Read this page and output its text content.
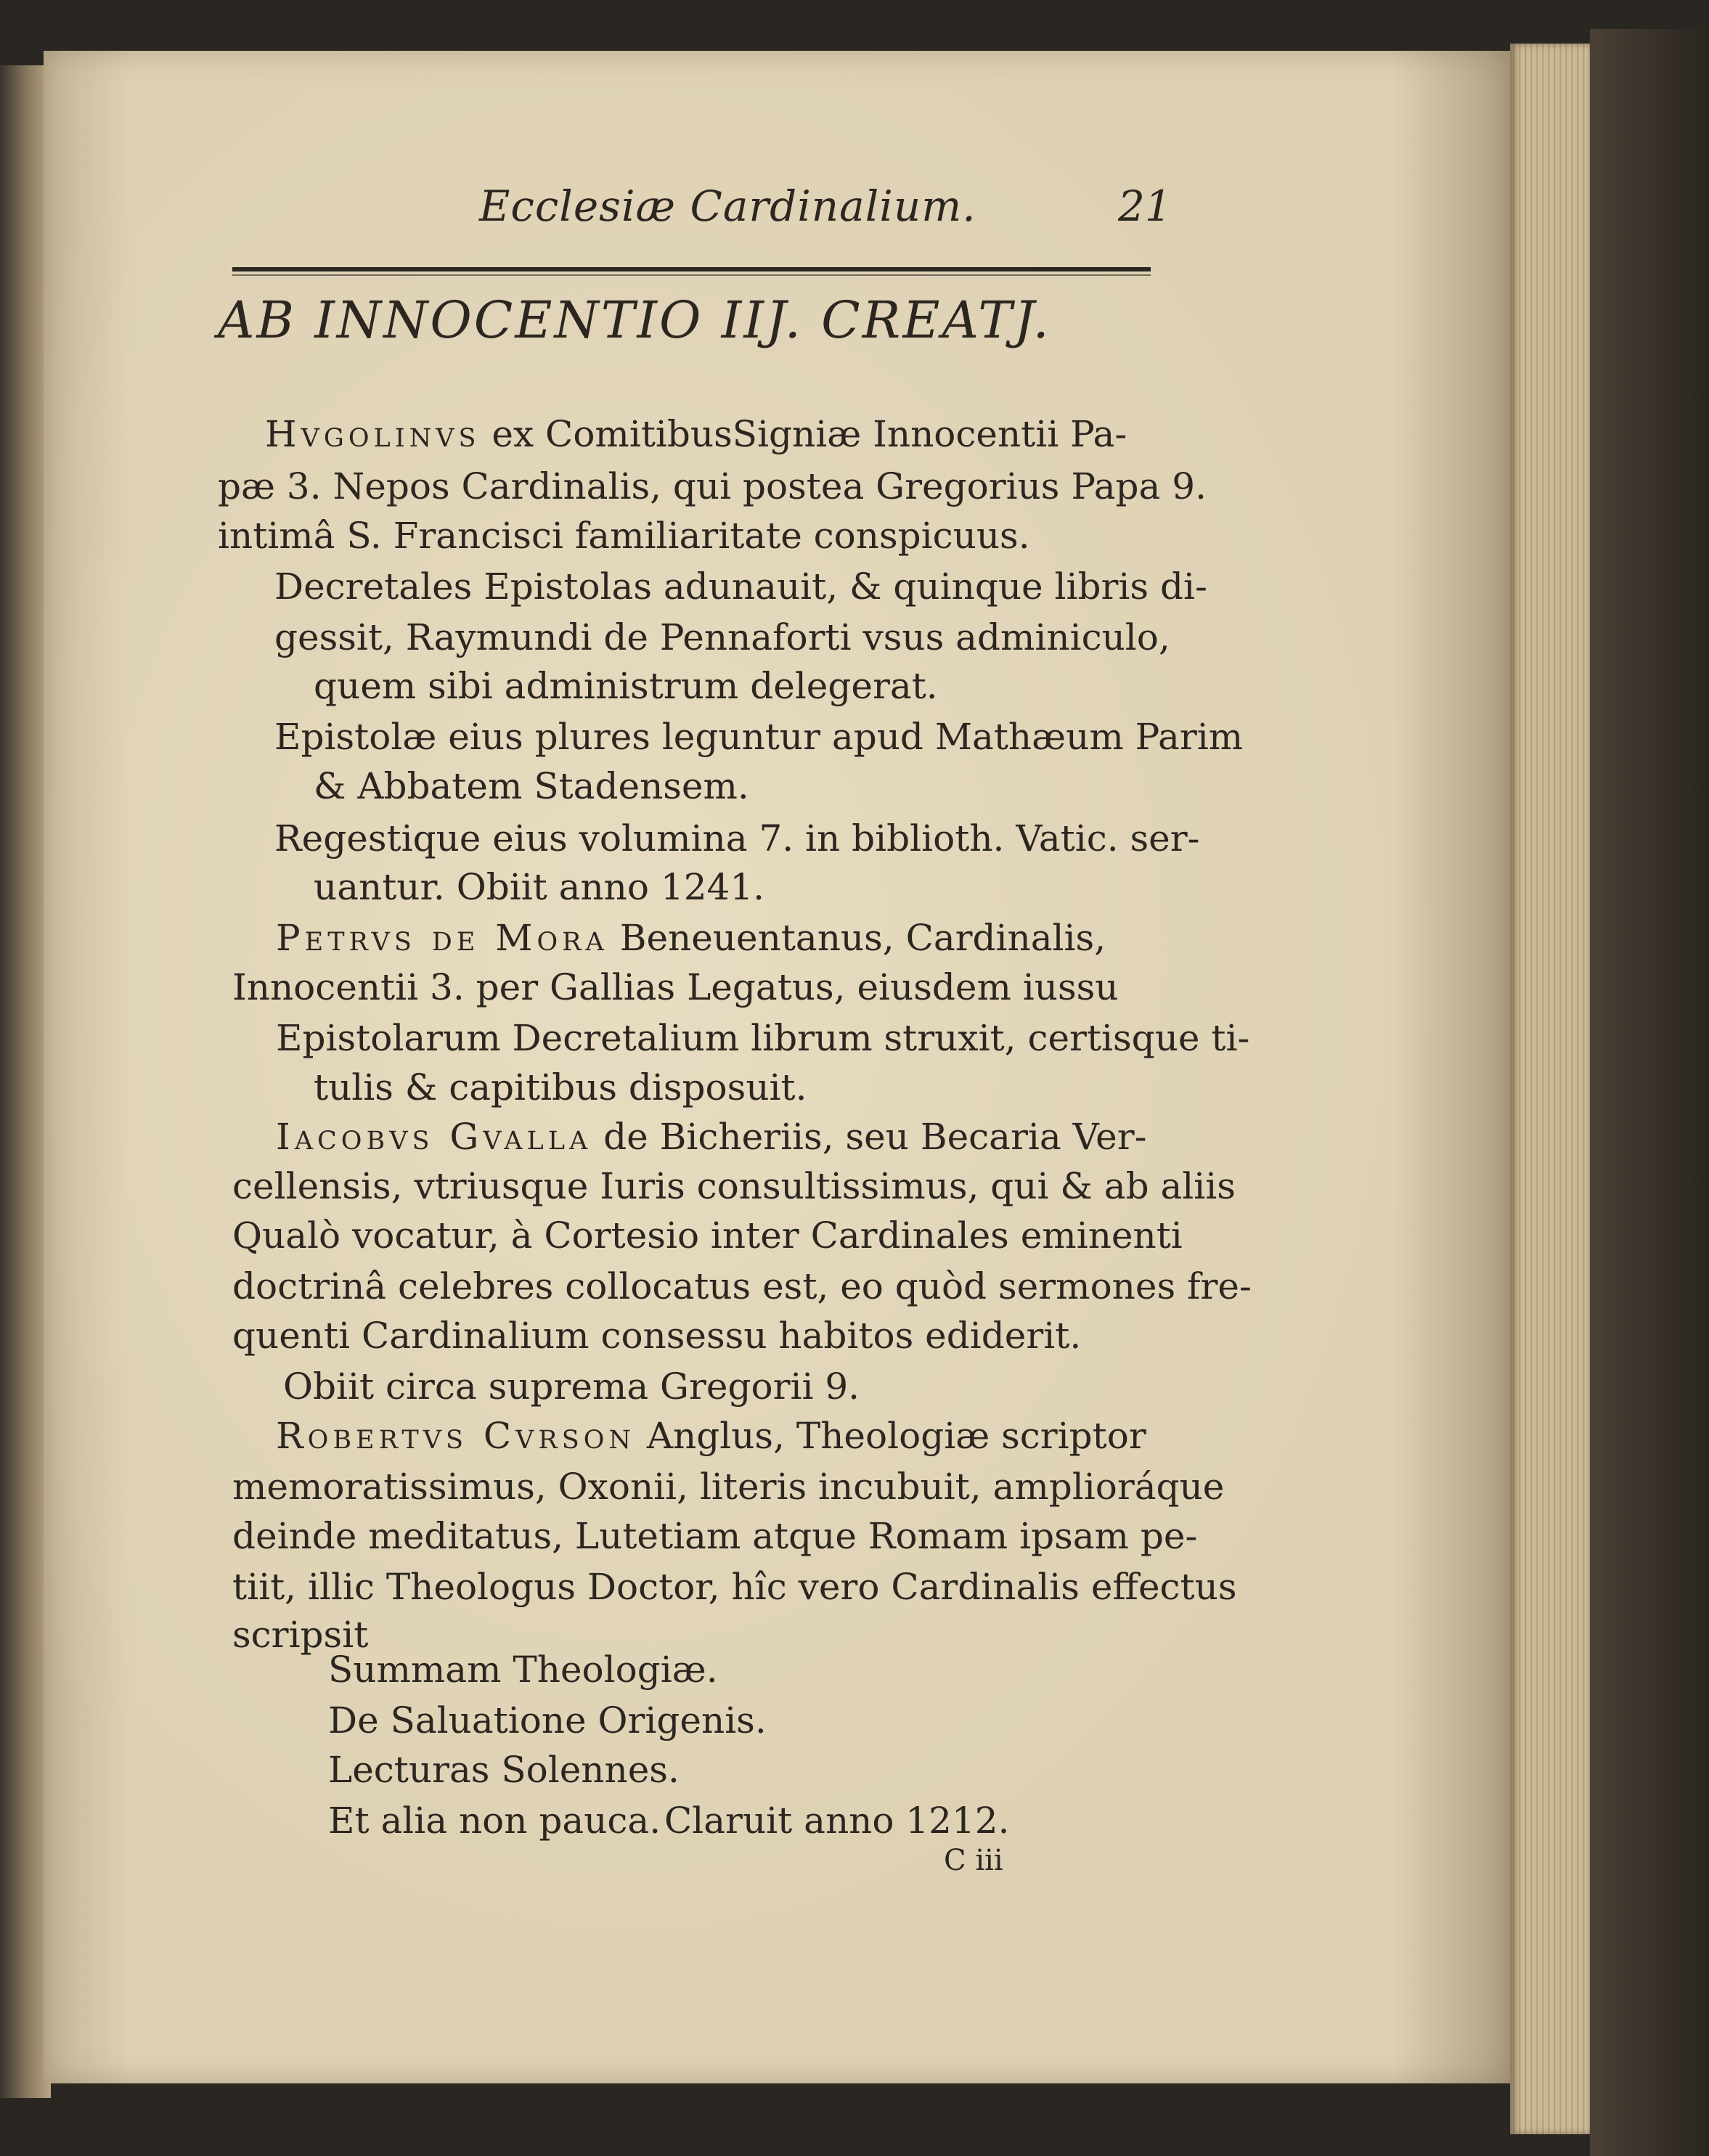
Ecclesiæ Cardinalium.	21
AB INNOCENTIO IIJ. CREATJ.
Hvgolinvs ex ComitibusSigniæ Innocentii Pa-
pæ 3. Nepos Cardinalis, qui postea Gregorius Papa 9.
intimâ S. Francisci familiaritate conspicuus.
Decretales Epistolas adunauit, & quinque libris di-
gessit, Raymundi de Pennaforti vsus adminiculo,
quem sibi administrum delegerat.
Epistolæ eius plures leguntur apud Mathæum Parim
& Abbatem Stadensem.
Regestique eius volumina 7. in biblioth. Vatic. ser-
uantur. Obiit anno 1241.
Petrvs de Mora Beneuentanus, Cardinalis,
Innocentii 3. per Gallias Legatus, eiusdem iussu
Epistolarum Decretalium librum struxit, certisque ti-
tulis & capitibus disposuit.
Iacobvs Gvalla de Bicheriis, seu Becaria Ver-
cellensis, vtriusque Iuris consultissimus, qui & ab aliis
Qualò vocatur, à Cortesio inter Cardinales eminenti
doctrinâ celebres collocatus est, eo quòd sermones fre-
quenti Cardinalium consessu habitos ediderit.
Obiit circa suprema Gregorii 9.
Robertvs Cvrson Anglus, Theologiæ scriptor
memoratissimus, Oxonii, literis incubuit, amplioráque
deinde meditatus, Lutetiam atque Romam ipsam pe-
tiit, illic Theologus Doctor, hîc vero Cardinalis effectus
scripsit
Summam Theologiæ.
De Saluatione Origenis.
Lecturas Solennes.
Et alia non pauca. Claruit anno 1212.
C iii
